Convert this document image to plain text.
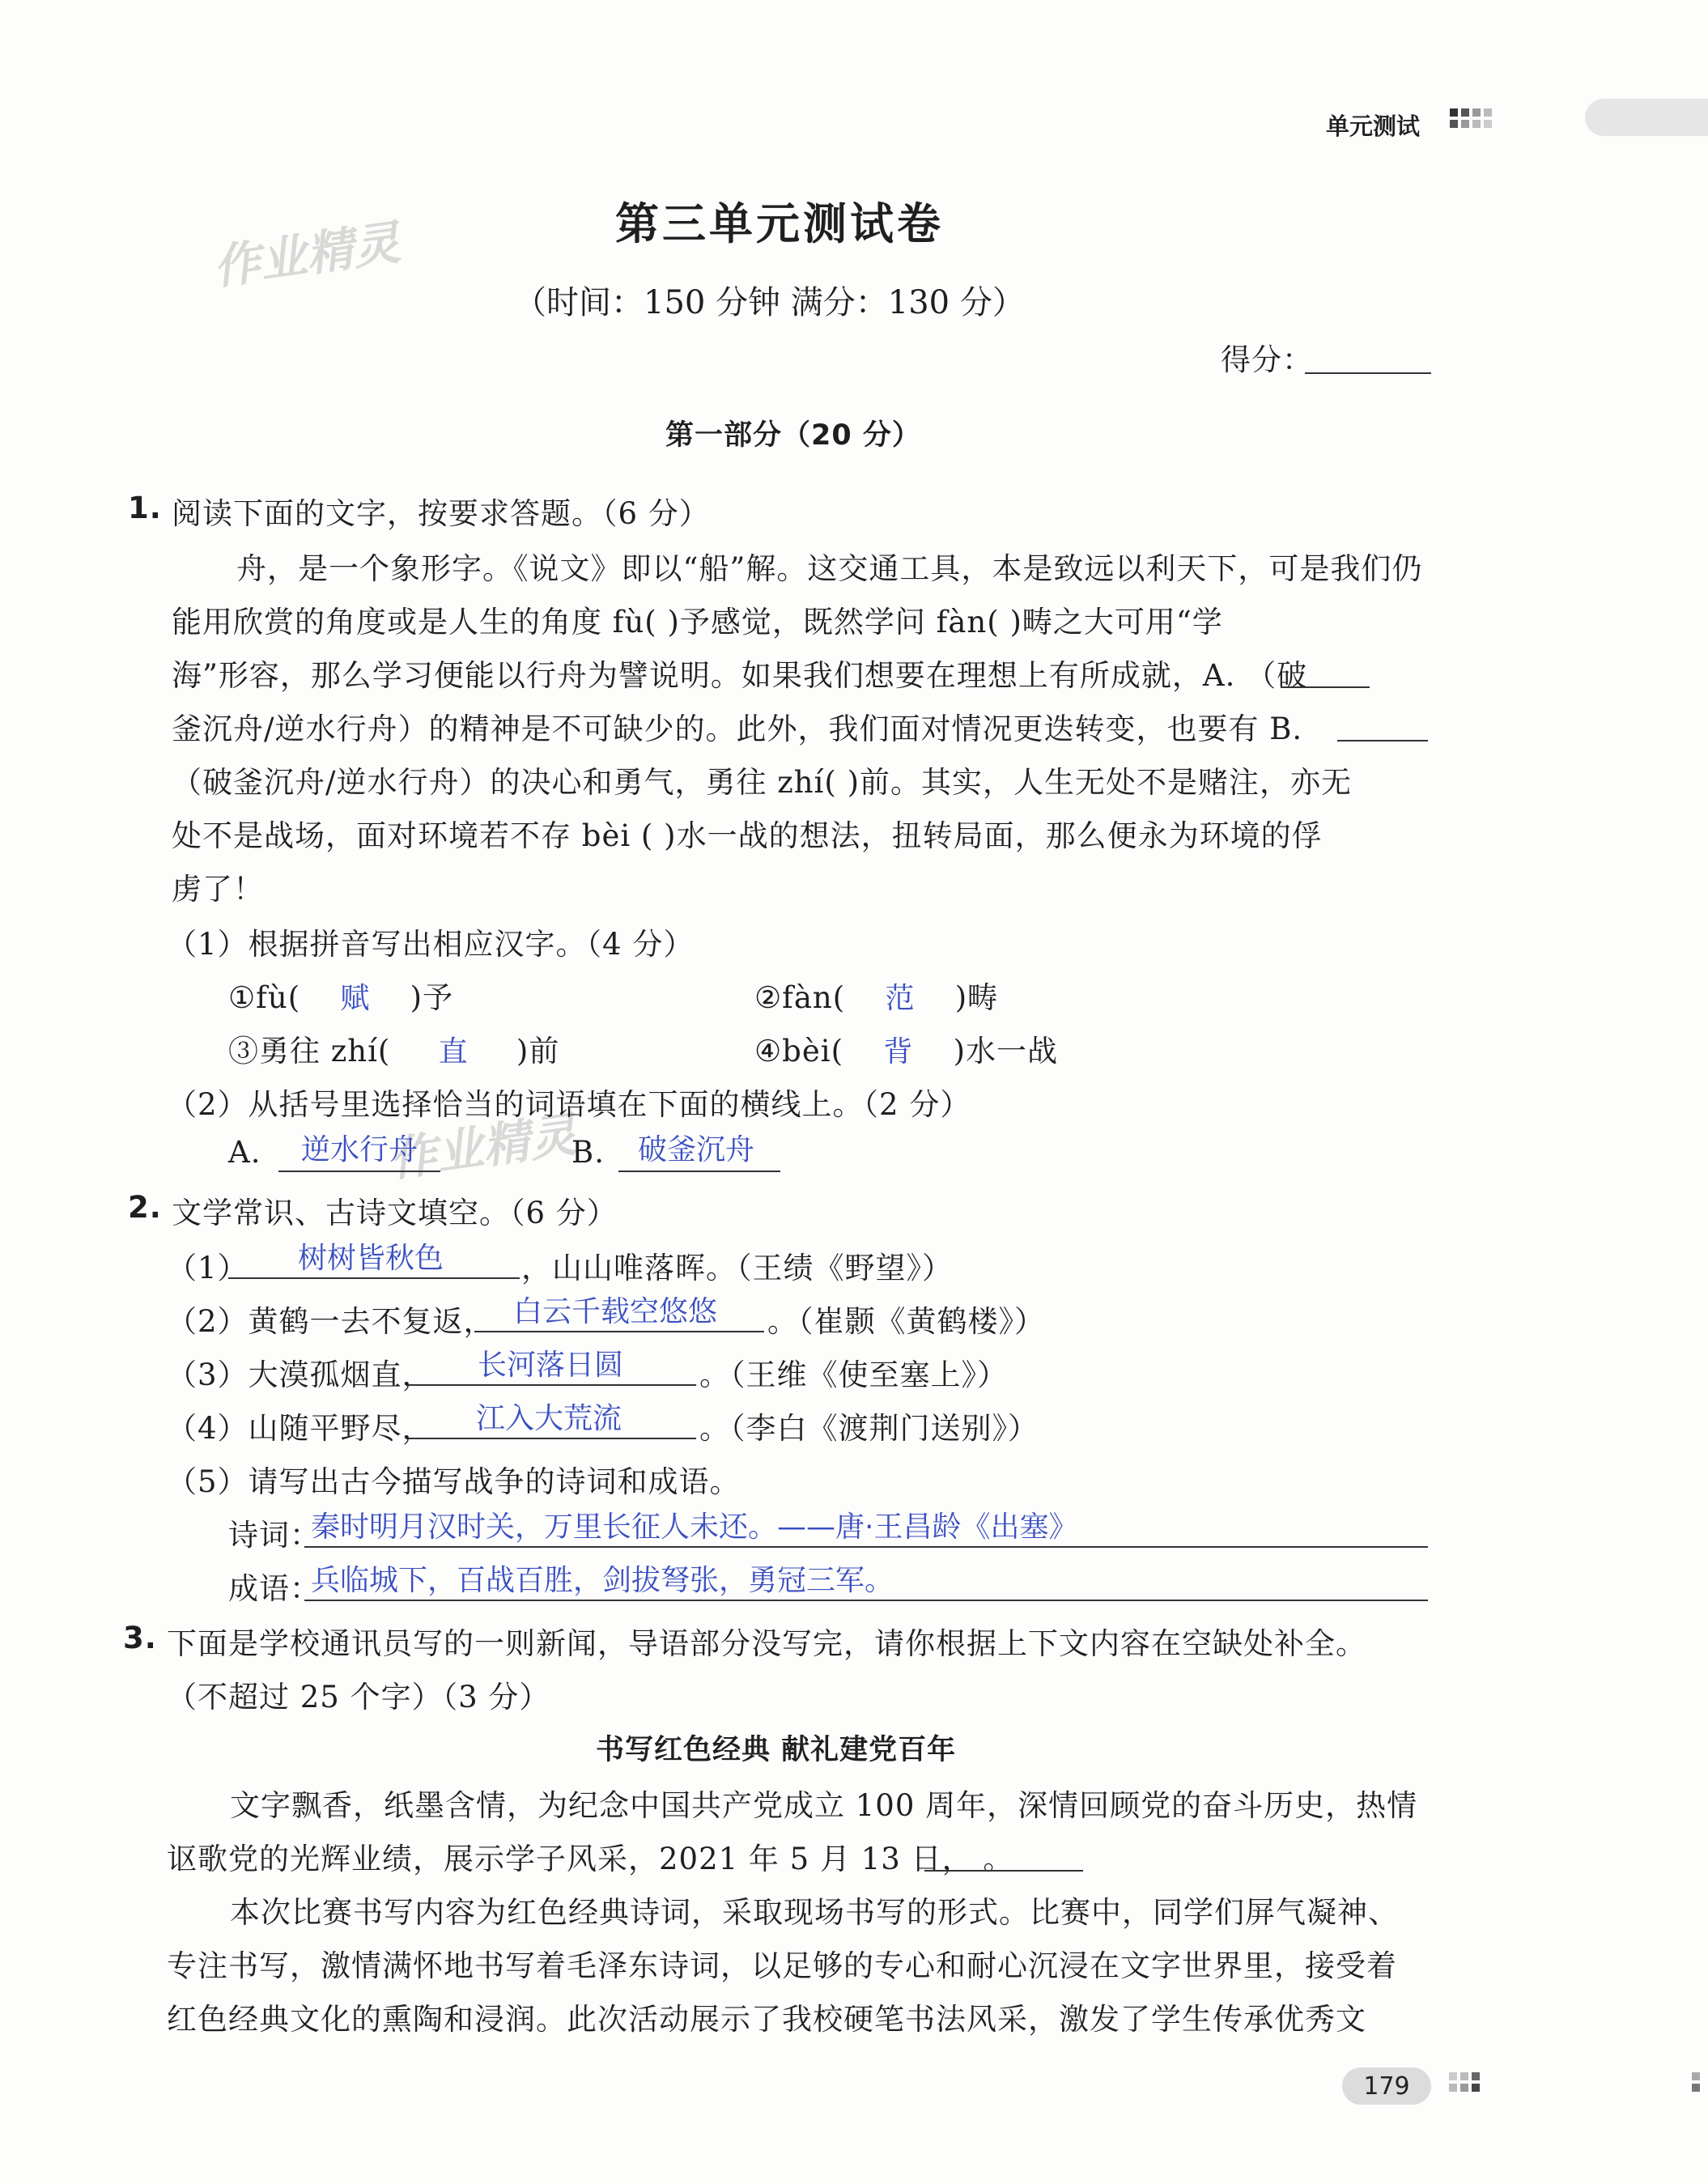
单元测试
作业精灵
作业精灵
第三单元测试卷
（时间：150 分钟 满分：130 分）
得分：
第一部分（20 分）
1. 阅读下面的文字，按要求答题。（6 分）
舟，是一个象形字。《说文》即以“船”解。这交通工具，本是致远以利天下，可是我们仍
能用欣赏的角度或是人生的角度 fù( )予感觉，既然学问 fàn( )畴之大可用“学
海”形容，那么学习便能以行舟为譬说明。如果我们想要在理想上有所成就，A. （破
釜沉舟/逆水行舟）的精神是不可缺少的。此外，我们面对情况更迭转变，也要有 B.
（破釜沉舟/逆水行舟）的决心和勇气，勇往 zhí( )前。其实，人生无处不是赌注，亦无
处不是战场，面对环境若不存 bèi ( )水一战的想法，扭转局面，那么便永为环境的俘
虏了！
（1）根据拼音写出相应汉字。（4 分）
①fù( 赋 )予	②fàn( 范 )畴
③勇往 zhí( 直 )前	④bèi( 背 )水一战
（2）从括号里选择恰当的词语填在下面的横线上。（2 分）
A. 逆水行舟	B. 破釜沉舟
2. 文学常识、古诗文填空。（6 分）
（1） 树树皆秋色	，山山唯落晖。（王绩《野望》）
（2）黄鹤一去不复返， 白云千载空悠悠 。（崔颢《黄鹤楼》）
（3）大漠孤烟直， 长河落日圆	。（王维《使至塞上》）
（4）山随平野尽， 江入大荒流	。（李白《渡荆门送别》）
（5）请写出古今描写战争的诗词和成语。
诗词：
秦时明月汉时关，万里长征人未还。——唐·王昌龄《出塞》
成语：
兵临城下，百战百胜，剑拔弩张，勇冠三军。
3. 下面是学校通讯员写的一则新闻，导语部分没写完，请你根据上下文内容在空缺处补全。
（不超过 25 个字）（3 分）
书写红色经典 献礼建党百年
文字飘香，纸墨含情，为纪念中国共产党成立 100 周年，深情回顾党的奋斗历史，热情
讴歌党的光辉业绩，展示学子风采，2021 年 5 月 13 日， 。
本次比赛书写内容为红色经典诗词，采取现场书写的形式。比赛中，同学们屏气凝神、
专注书写，激情满怀地书写着毛泽东诗词，以足够的专心和耐心沉浸在文字世界里，接受着
红色经典文化的熏陶和浸润。此次活动展示了我校硬笔书法风采，激发了学生传承优秀文
179
